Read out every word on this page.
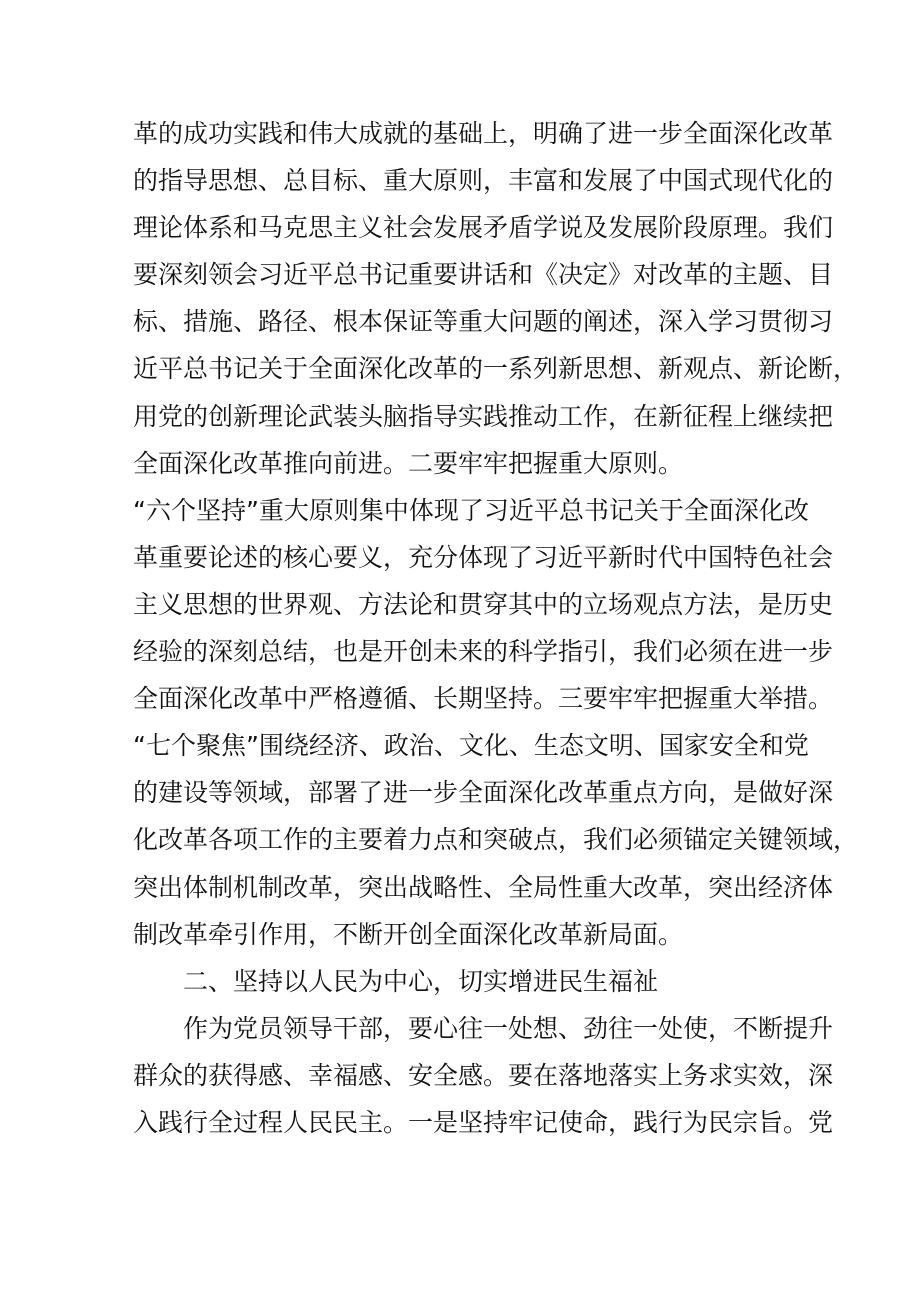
革的成功实践和伟大成就的基础上，明确了进一步全面深化改革
的指导思想、总目标、重大原则，丰富和发展了中国式现代化的
理论体系和马克思主义社会发展矛盾学说及发展阶段原理。我们
要深刻领会习近平总书记重要讲话和《决定》对改革的主题、目
标、措施、路径、根本保证等重大问题的阐述，深入学习贯彻习
近平总书记关于全面深化改革的一系列新思想、新观点、新论断，
用党的创新理论武装头脑指导实践推动工作，在新征程上继续把
全面深化改革推向前进。二要牢牢把握重大原则。
“六个坚持”重大原则集中体现了习近平总书记关于全面深化改
革重要论述的核心要义，充分体现了习近平新时代中国特色社会
主义思想的世界观、方法论和贯穿其中的立场观点方法，是历史
经验的深刻总结，也是开创未来的科学指引，我们必须在进一步
全面深化改革中严格遵循、长期坚持。三要牢牢把握重大举措。
“七个聚焦”围绕经济、政治、文化、生态文明、国家安全和党
的建设等领域，部署了进一步全面深化改革重点方向，是做好深
化改革各项工作的主要着力点和突破点，我们必须锚定关键领域，
突出体制机制改革，突出战略性、全局性重大改革，突出经济体
制改革牵引作用，不断开创全面深化改革新局面。
二、坚持以人民为中心，切实增进民生福祉
作为党员领导干部，要心往一处想、劲往一处使，不断提升
群众的获得感、幸福感、安全感。要在落地落实上务求实效，深
入践行全过程人民民主。一是坚持牢记使命，践行为民宗旨。党
